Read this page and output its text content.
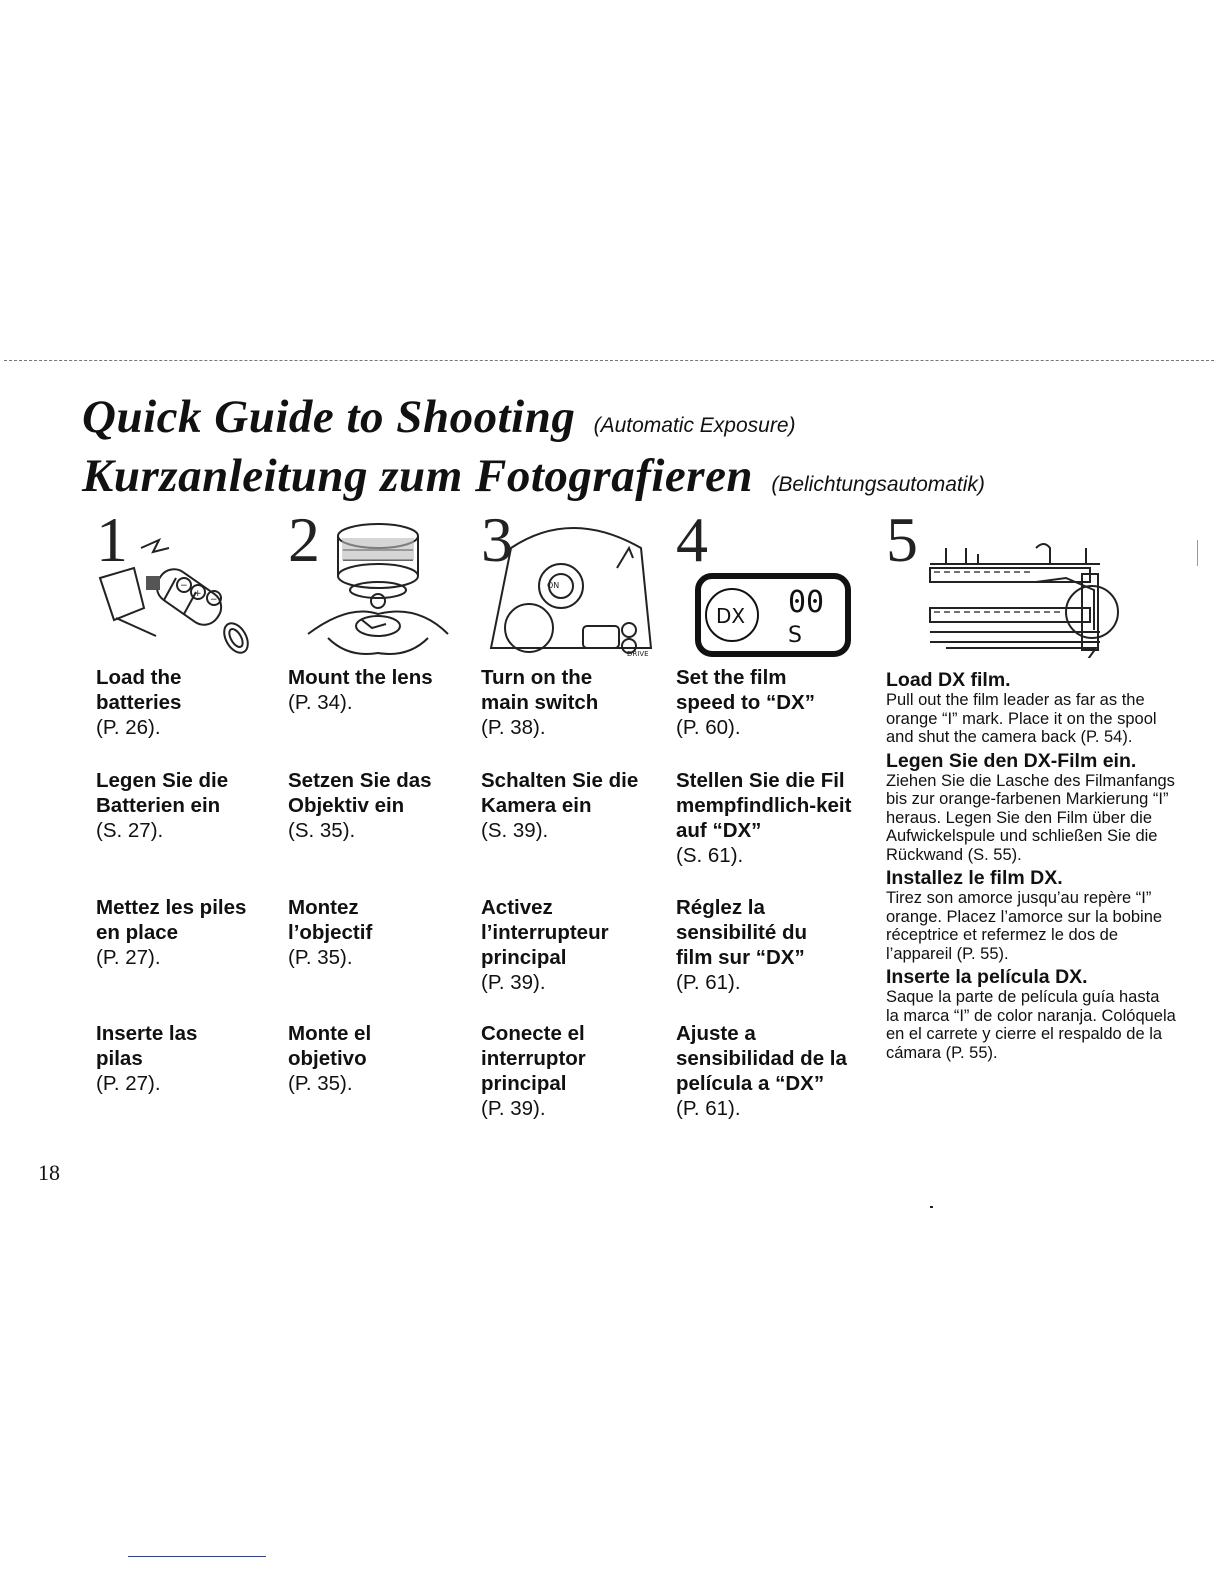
Quick Guide to Shooting (Automatic Exposure)
Kurzanleitung zum Fotografieren (Belichtungsautomatik)
1
−
+
−
2	3
ON
DRIVE
4
DX 00
S
5
Load the batteries
(P. 26).
Legen Sie die Batterien ein
(S. 27).
Mettez les piles en place
(P. 27).
Inserte las pilas
(P. 27).
Mount the lens
(P. 34).
Setzen Sie das Objektiv ein
(S. 35).
Montez l’objectif
(P. 35).
Monte el objetivo
(P. 35).
Turn on the main switch
(P. 38).
Schalten Sie die Kamera ein
(S. 39).
Activez l’interrupteur principal
(P. 39).
Conecte el interruptor principal
(P. 39).
Set the film speed to “DX”
(P. 60).
Stellen Sie die Filmempfindlich-keit auf “DX”
(S. 61).
Réglez la sensibilité du film sur “DX”
(P. 61).
Ajuste a sensibilidad de la película a “DX”
(P. 61).
Load DX film.
Pull out the film leader as far as the orange “I” mark. Place it on the spool and shut the camera back (P. 54).
Legen Sie den DX-Film ein.
Ziehen Sie die Lasche des Filmanfangs bis zur orange-farbenen Markierung “I” heraus. Legen Sie den Film über die Aufwickelspule und schließen Sie die Rückwand (S. 55).
Installez le film DX.
Tirez son amorce jusqu’au repère “I” orange. Placez l’amorce sur la bobine réceptrice et refermez le dos de l’appareil (P. 55).
Inserte la película DX.
Saque la parte de película guía hasta la marca “I” de color naranja. Colóquela en el carrete y cierre el respaldo de la cámara (P. 55).
18
